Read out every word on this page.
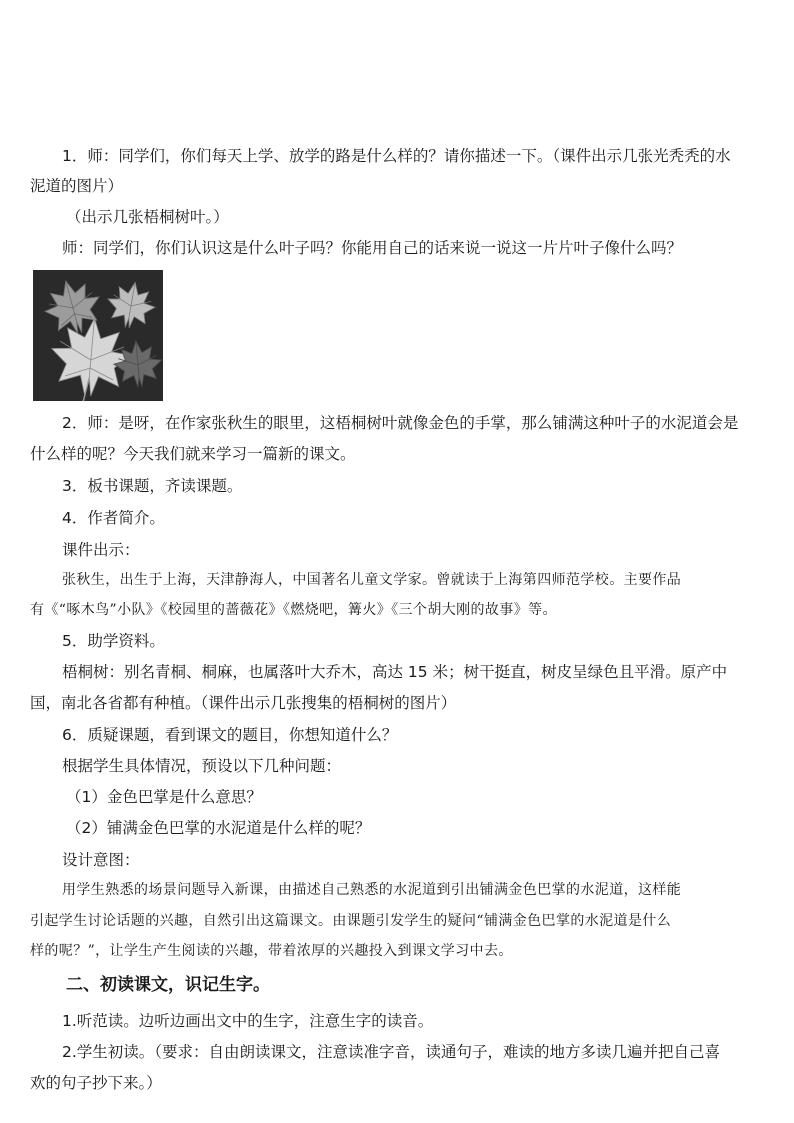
1．师：同学们，你们每天上学、放学的路是什么样的？请你描述一下。（课件出示几张光秃秃的水
泥道的图片）
（出示几张梧桐树叶。）
师：同学们，你们认识这是什么叶子吗？你能用自己的话来说一说这一片片叶子像什么吗？
2．师：是呀，在作家张秋生的眼里，这梧桐树叶就像金色的手掌，那么铺满这种叶子的水泥道会是
什么样的呢？今天我们就来学习一篇新的课文。
3．板书课题，齐读课题。
4．作者简介。
课件出示：
张秋生，出生于上海，天津静海人，中国著名儿童文学家。曾就读于上海第四师范学校。主要作品
有《“啄木鸟”小队》《校园里的蔷薇花》《燃烧吧，篝火》《三个胡大刚的故事》等。
5．助学资料。
梧桐树：别名青桐、桐麻，也属落叶大乔木，高达 15 米；树干挺直，树皮呈绿色且平滑。原产中
国，南北各省都有种植。（课件出示几张搜集的梧桐树的图片）
6．质疑课题，看到课文的题目，你想知道什么？
根据学生具体情况，预设以下几种问题：
（1）金色巴掌是什么意思？
（2）铺满金色巴掌的水泥道是什么样的呢？
设计意图：
用学生熟悉的场景问题导入新课，由描述自己熟悉的水泥道到引出铺满金色巴掌的水泥道，这样能
引起学生讨论话题的兴趣，自然引出这篇课文。由课题引发学生的疑问“铺满金色巴掌的水泥道是什么
样的呢？”，让学生产生阅读的兴趣，带着浓厚的兴趣投入到课文学习中去。
二、初读课文，识记生字。
1.听范读。边听边画出文中的生字，注意生字的读音。
2.学生初读。（要求：自由朗读课文，注意读准字音，读通句子，难读的地方多读几遍并把自己喜
欢的句子抄下来。）
